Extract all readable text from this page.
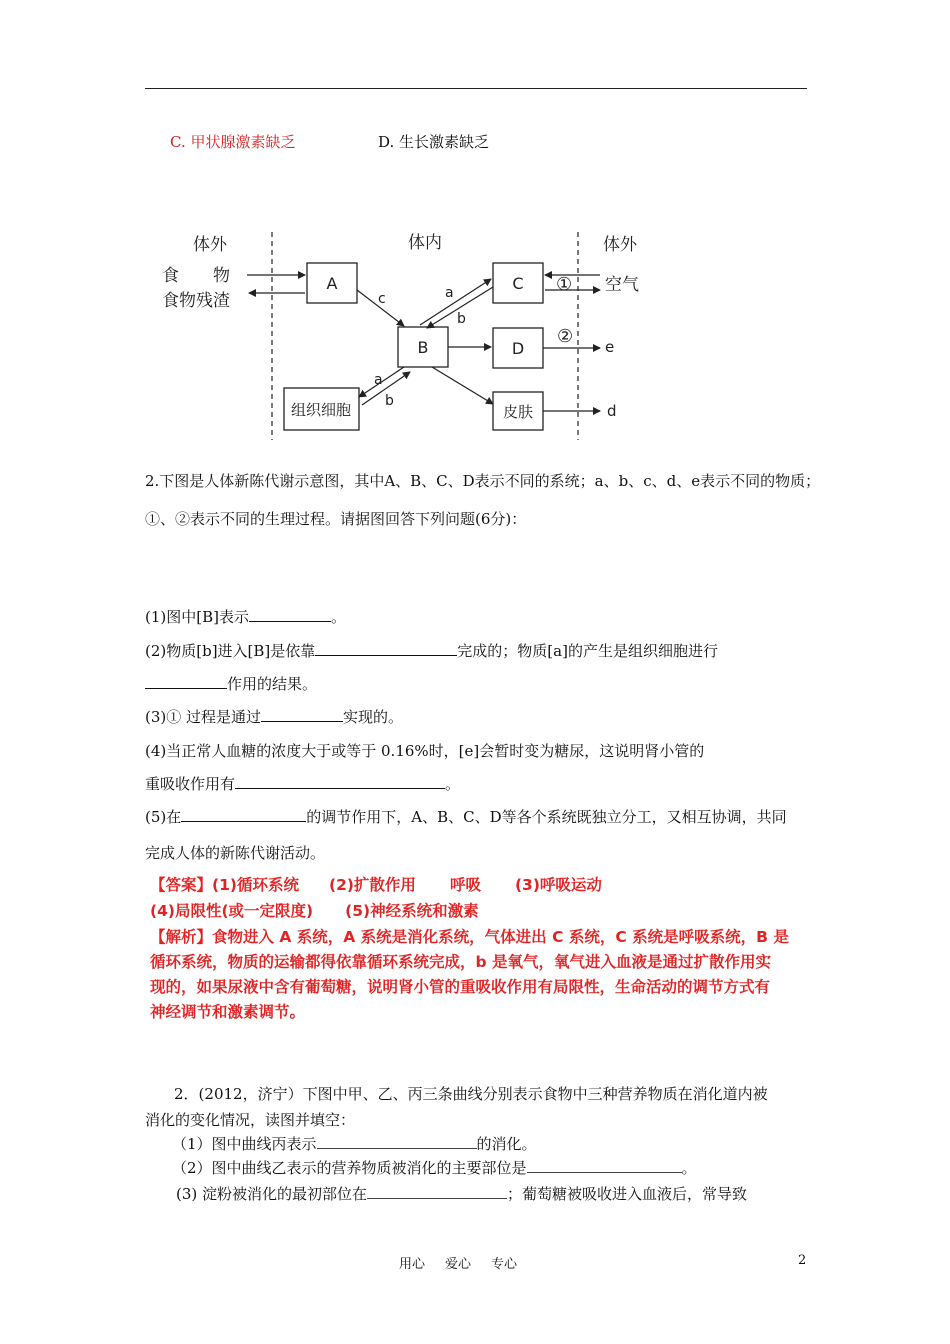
C. 甲状腺激素缺乏	D. 生长激素缺乏
体外	体内	体外
食　　物
食物残渣
A	C
B	D
组织细胞	皮肤
c	a
b
① 空气
② e
a
b
d
2.下图是人体新陈代谢示意图，其中A、B、C、D表示不同的系统；a、b、c、d、e表示不同的物质；
①、②表示不同的生理过程。请据图回答下列问题(6分)：
(1)图中[B]表示	。
(2)物质[b]进入[B]是依靠	完成的；物质[a]的产生是组织细胞进行
作用的结果。
(3)① 过程是通过	实现的。
(4)当正常人血糖的浓度大于或等于 0.16%时，[e]会暂时变为糖尿，这说明肾小管的
重吸收作用有	。
(5)在	的调节作用下，A、B、C、D等各个系统既独立分工，又相互协调，共同
完成人体的新陈代谢活动。
【答案】(1)循环系统 (2)扩散作用 呼吸 (3)呼吸运动
(4)局限性(或一定限度) (5)神经系统和激素
【解析】食物进入 A 系统，A 系统是消化系统，气体进出 C 系统，C 系统是呼吸系统，B 是
循环系统，物质的运输都得依靠循环系统完成，b 是氧气，氧气进入血液是通过扩散作用实
现的，如果尿液中含有葡萄糖，说明肾小管的重吸收作用有局限性，生命活动的调节方式有
神经调节和激素调节。
2．(2012，济宁）下图中甲、乙、丙三条曲线分别表示食物中三种营养物质在消化道内被
消化的变化情况，读图并填空：
（1）图中曲线丙表示	的消化。
（2）图中曲线乙表示的营养物质被消化的主要部位是	。
(3) 淀粉被消化的最初部位在	；葡萄糖被吸收进入血液后，常导致
用心 爱心 专心	2
